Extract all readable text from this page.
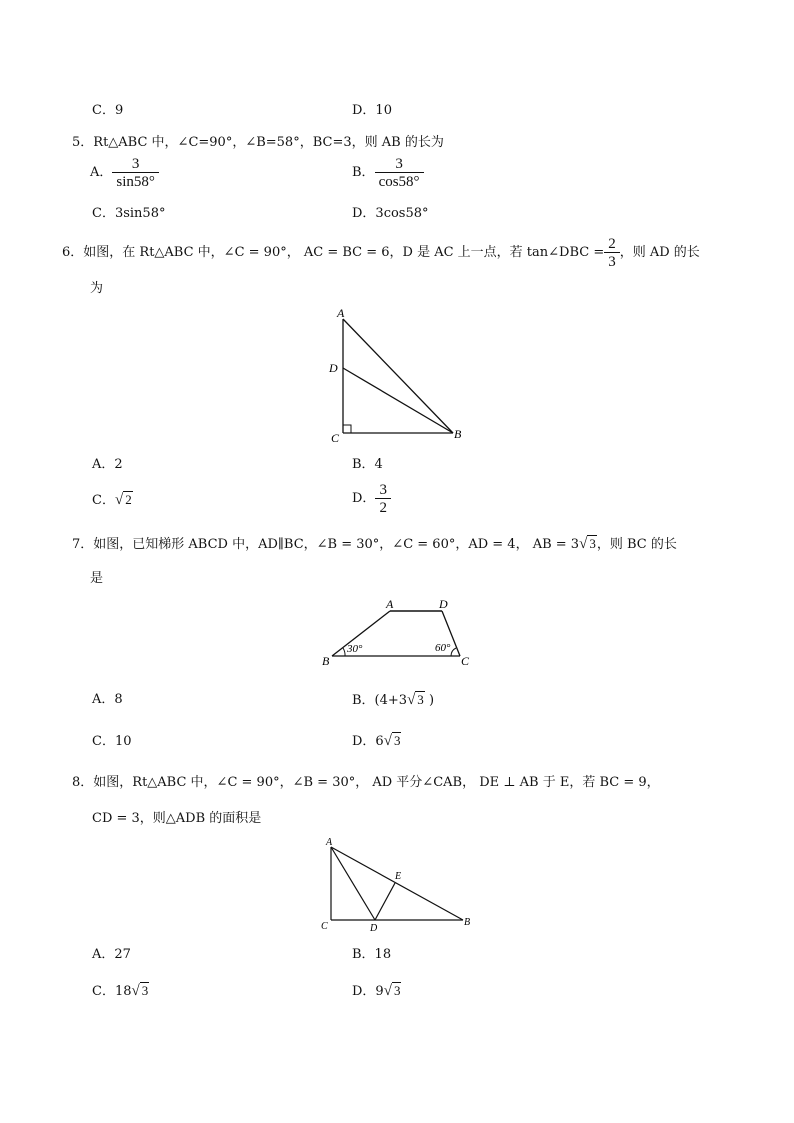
C．9	D．10
5．Rt△ABC 中，∠C=90°，∠B=58°，BC=3，则 AB 的长为
A． $\frac{3}{\sin 58^\circ}$	B． $\frac{3}{\cos 58^\circ}$
C．3sin58°	D．3cos58°
6．如图，在 Rt△ABC 中，∠C = 90°， AC = BC = 6，D 是 AC 上一点，若 tan∠DBC = $\frac{2}{3}$ ，则 AD 的长
为
A
D
C	B
A．2	B．4
C．√ 2	D． $\frac{3}{2}$
7．如图，已知梯形 ABCD 中，AD∥BC，∠B = 30°，∠C = 60°，AD = 4， AB = 3√ 3，则 BC 的长
是
A	D
B	C
30°	60°
A．8	B．(4+3√ 3 )
C．10	D．6√ 3
8．如图，Rt△ABC 中，∠C = 90°，∠B = 30°， AD 平分∠CAB， DE ⊥ AB 于 E，若 BC = 9，
CD = 3，则△ADB 的面积是
A
E
C	D
B
A．27	B．18
C．18√ 3	D．9√ 3
